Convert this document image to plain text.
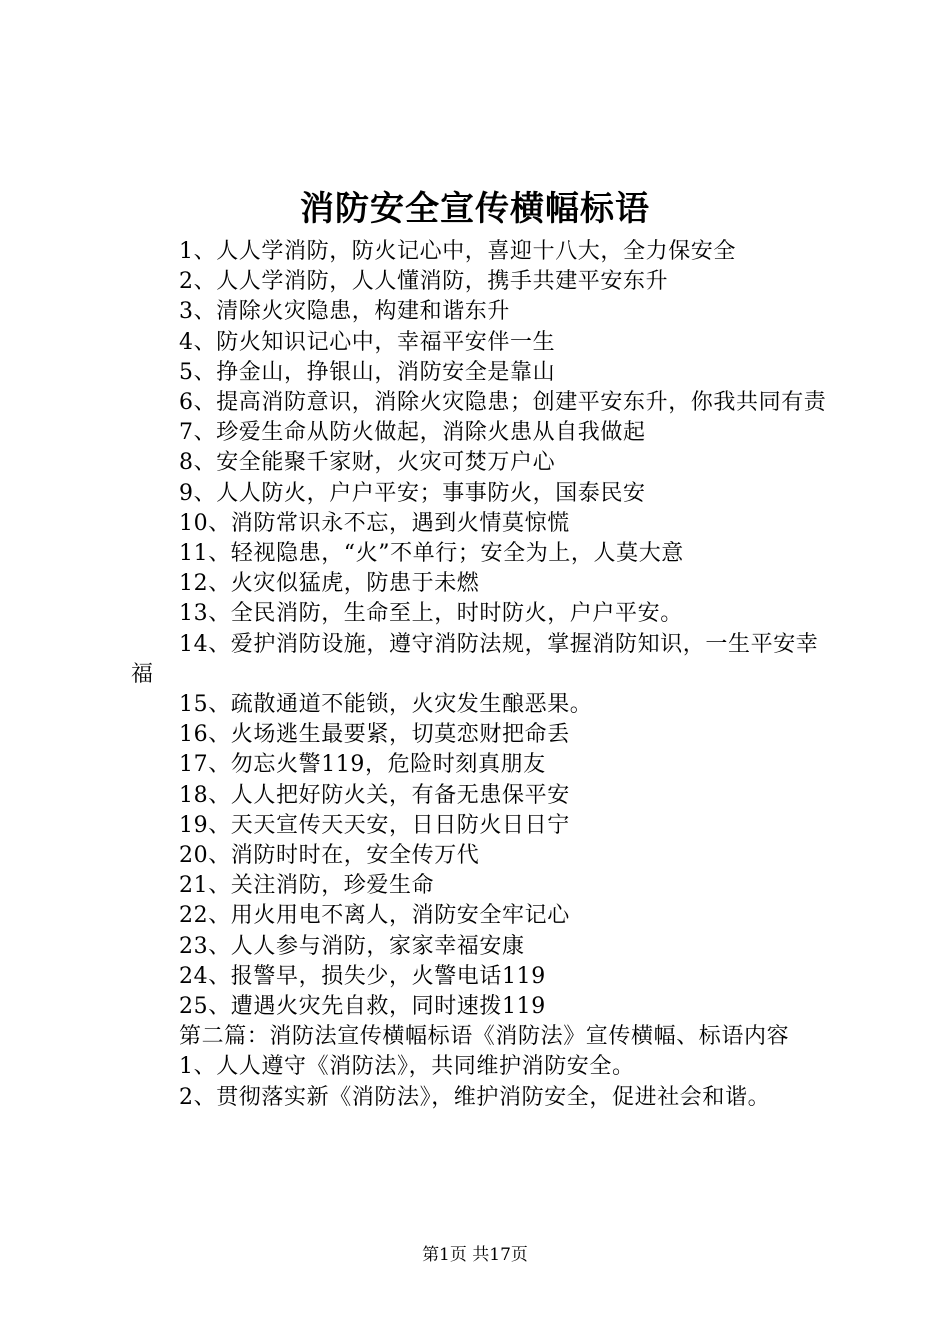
消防安全宣传横幅标语

1、人人学消防，防火记心中，喜迎十八大，全力保安全

2、人人学消防，人人懂消防，携手共建平安东升

3、清除火灾隐患，构建和谐东升

4、防火知识记心中，幸福平安伴一生

5、挣金山，挣银山，消防安全是靠山

6、提高消防意识，消除火灾隐患；创建平安东升，你我共同有责

7、珍爱生命从防火做起，消除火患从自我做起

8、安全能聚千家财，火灾可焚万户心

9、人人防火，户户平安；事事防火，国泰民安

10、消防常识永不忘，遇到火情莫惊慌

11、轻视隐患，“火”不单行；安全为上，人莫大意

12、火灾似猛虎，防患于未燃

13、全民消防，生命至上，时时防火，户户平安。

14、爱护消防设施，遵守消防法规，掌握消防知识，一生平安幸福

15、疏散通道不能锁，火灾发生酿恶果。

16、火场逃生最要紧，切莫恋财把命丢

17、勿忘火警119，危险时刻真朋友

18、人人把好防火关，有备无患保平安

19、天天宣传天天安，日日防火日日宁

20、消防时时在，安全传万代

21、关注消防，珍爱生命

22、用火用电不离人，消防安全牢记心

23、人人参与消防，家家幸福安康

24、报警早，损失少，火警电话119

25、遭遇火灾先自救，同时速拨119

第二篇：消防法宣传横幅标语《消防法》宣传横幅、标语内容

1、人人遵守《消防法》，共同维护消防安全。

2、贯彻落实新《消防法》，维护消防安全，促进社会和谐。

第1页 共17页
